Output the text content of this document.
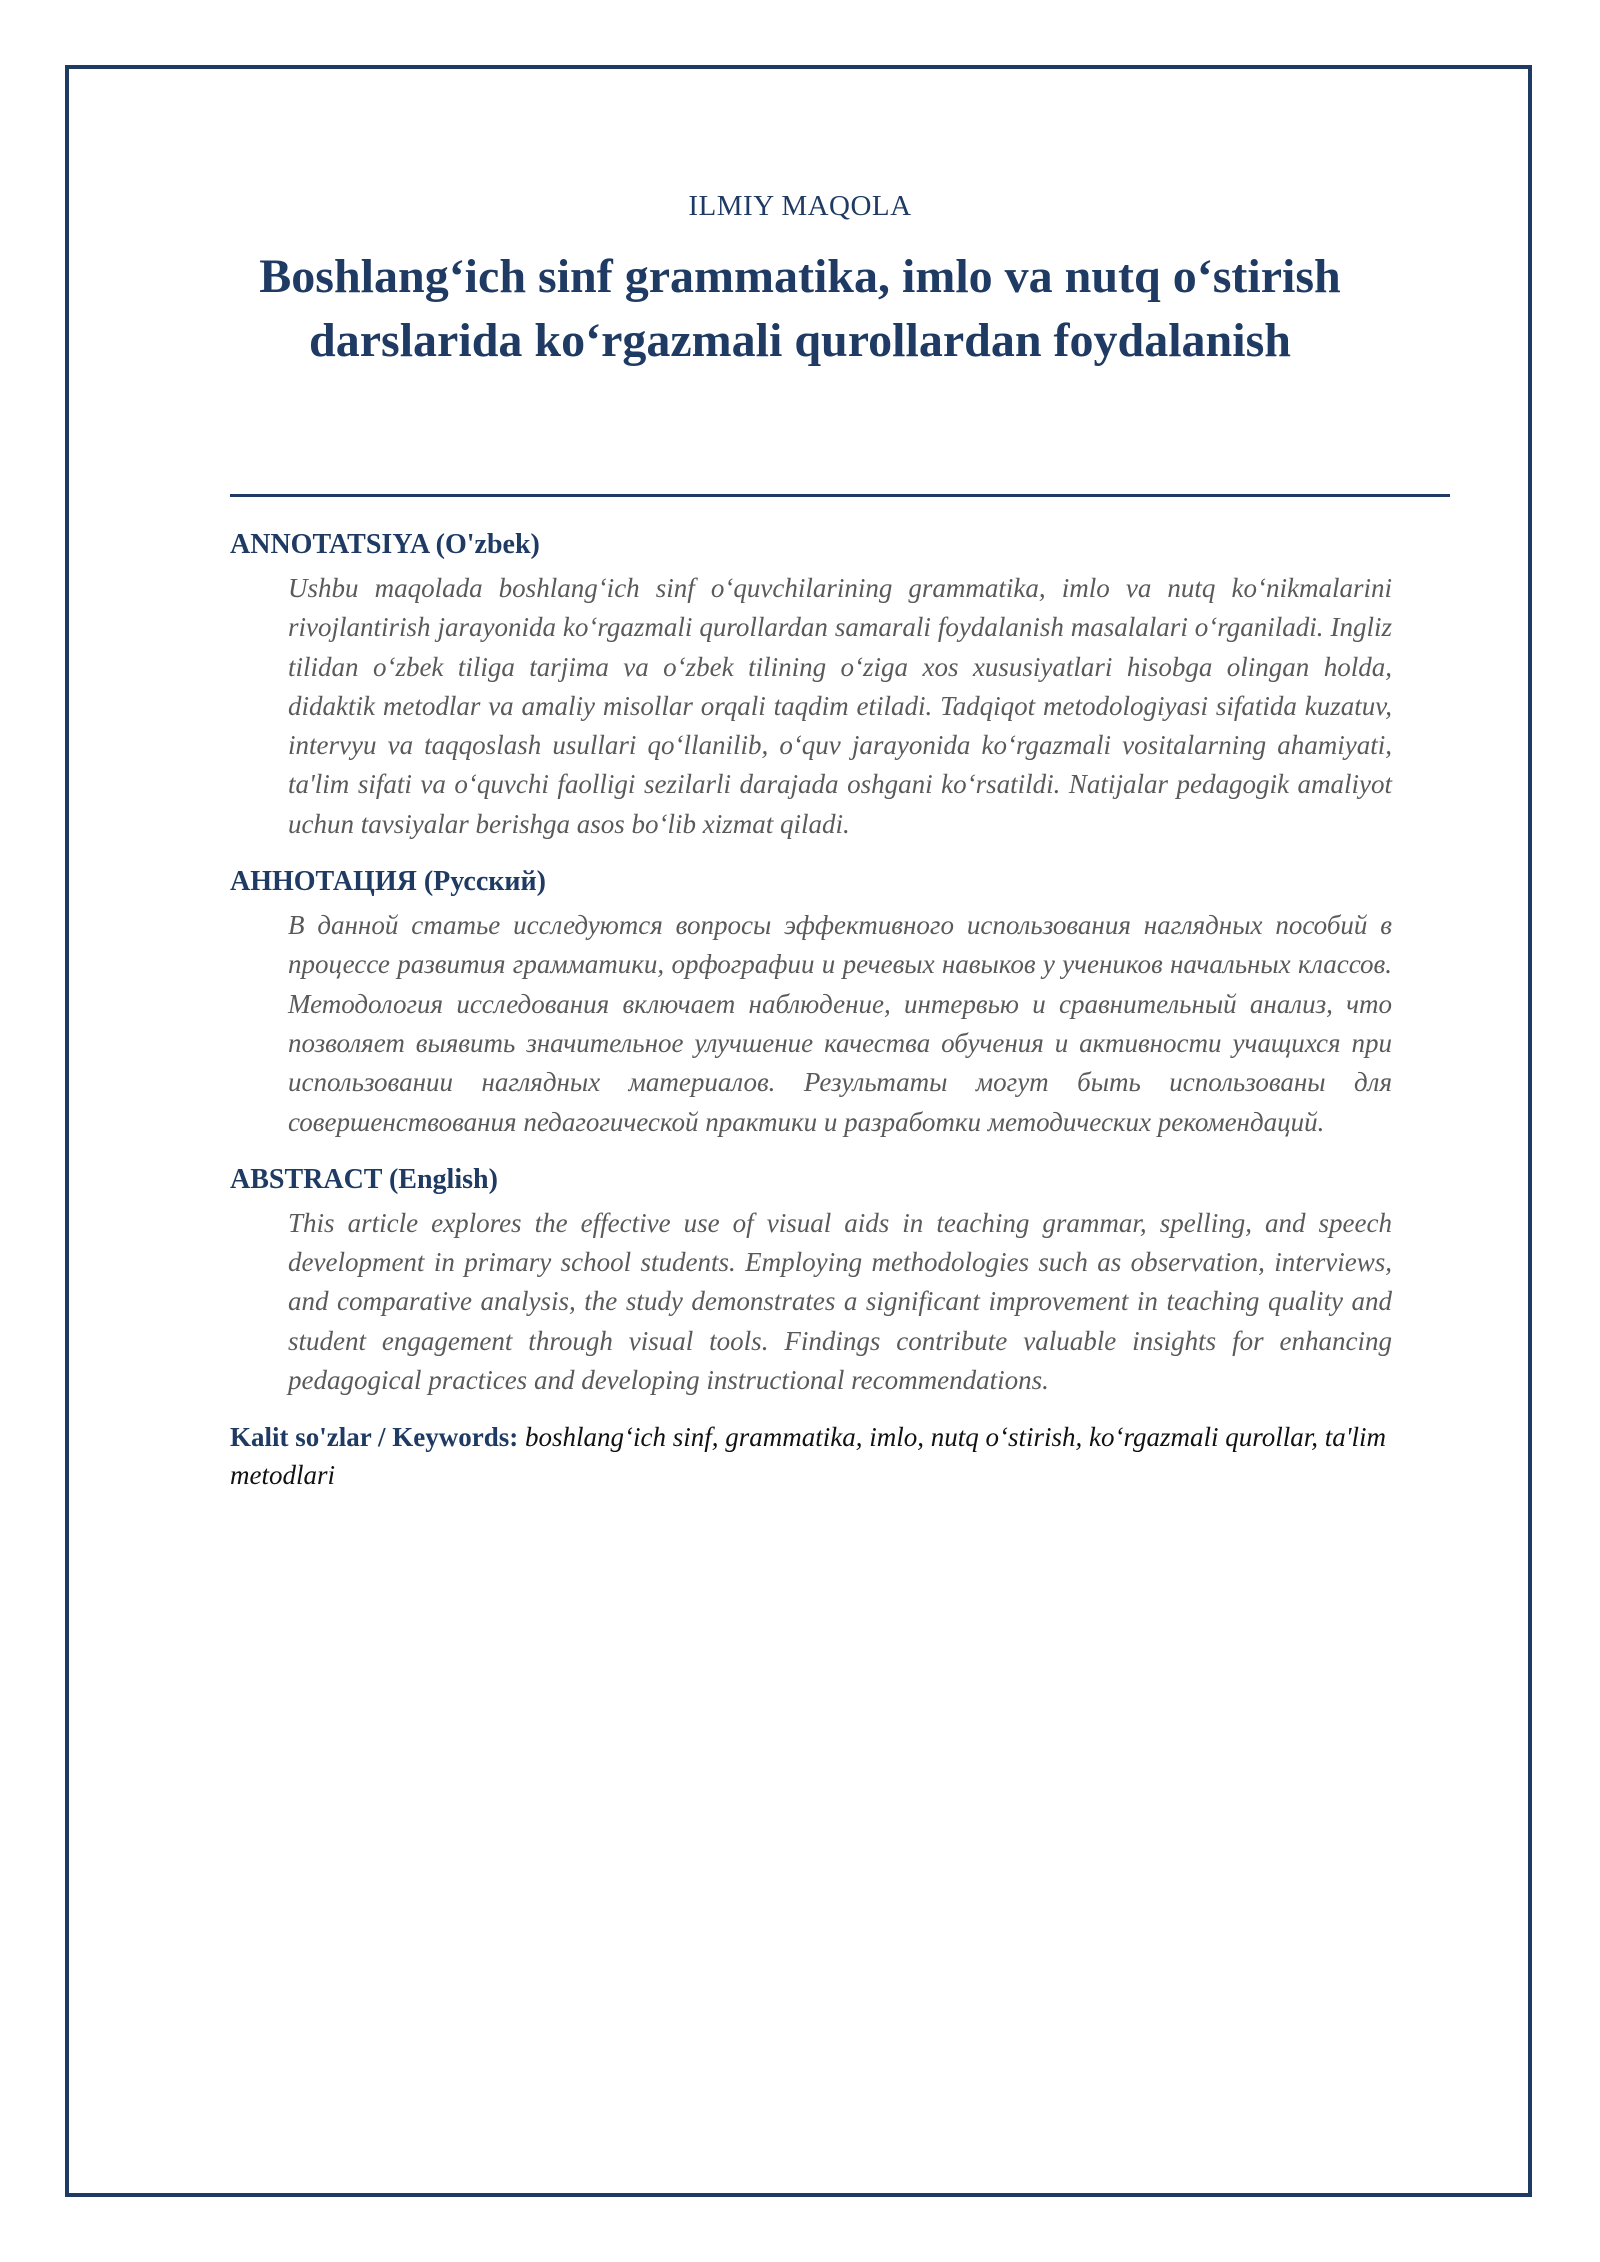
ILMIY MAQOLA
Boshlang‘ich sinf grammatika, imlo va nutq o‘stirish darslarida ko‘rgazmali qurollardan foydalanish

ANNOTATSIYA (O'zbek)

Ushbu maqolada boshlang‘ich sinf o‘quvchilarining grammatika, imlo va nutq ko‘nikmalarini rivojlantirish jarayonida ko‘rgazmali qurollardan samarali foydalanish masalalari o‘rganiladi. Ingliz tilidan o‘zbek tiliga tarjima va o‘zbek tilining o‘ziga xos xususiyatlari hisobga olingan holda, didaktik metodlar va amaliy misollar orqali taqdim etiladi. Tadqiqot metodologiyasi sifatida kuzatuv, intervyu va taqqoslash usullari qo‘llanilib, o‘quv jarayonida ko‘rgazmali vositalarning ahamiyati, ta'lim sifati va o‘quvchi faolligi sezilarli darajada oshgani ko‘rsatildi. Natijalar pedagogik amaliyot uchun tavsiyalar berishga asos bo‘lib xizmat qiladi.

АННОТАЦИЯ (Русский)

В данной статье исследуются вопросы эффективного использования наглядных пособий в процессе развития грамматики, орфографии и речевых навыков у учеников начальных классов. Методология исследования включает наблюдение, интервью и сравнительный анализ, что позволяет выявить значительное улучшение качества обучения и активности учащихся при использовании наглядных материалов. Результаты могут быть использованы для совершенствования педагогической практики и разработки методических рекомендаций.

ABSTRACT (English)

This article explores the effective use of visual aids in teaching grammar, spelling, and speech development in primary school students. Employing methodologies such as observation, interviews, and comparative analysis, the study demonstrates a significant improvement in teaching quality and student engagement through visual tools. Findings contribute valuable insights for enhancing pedagogical practices and developing instructional recommendations.

Kalit so'zlar / Keywords: boshlang‘ich sinf, grammatika, imlo, nutq o‘stirish, ko‘rgazmali qurollar, ta'lim metodlari
